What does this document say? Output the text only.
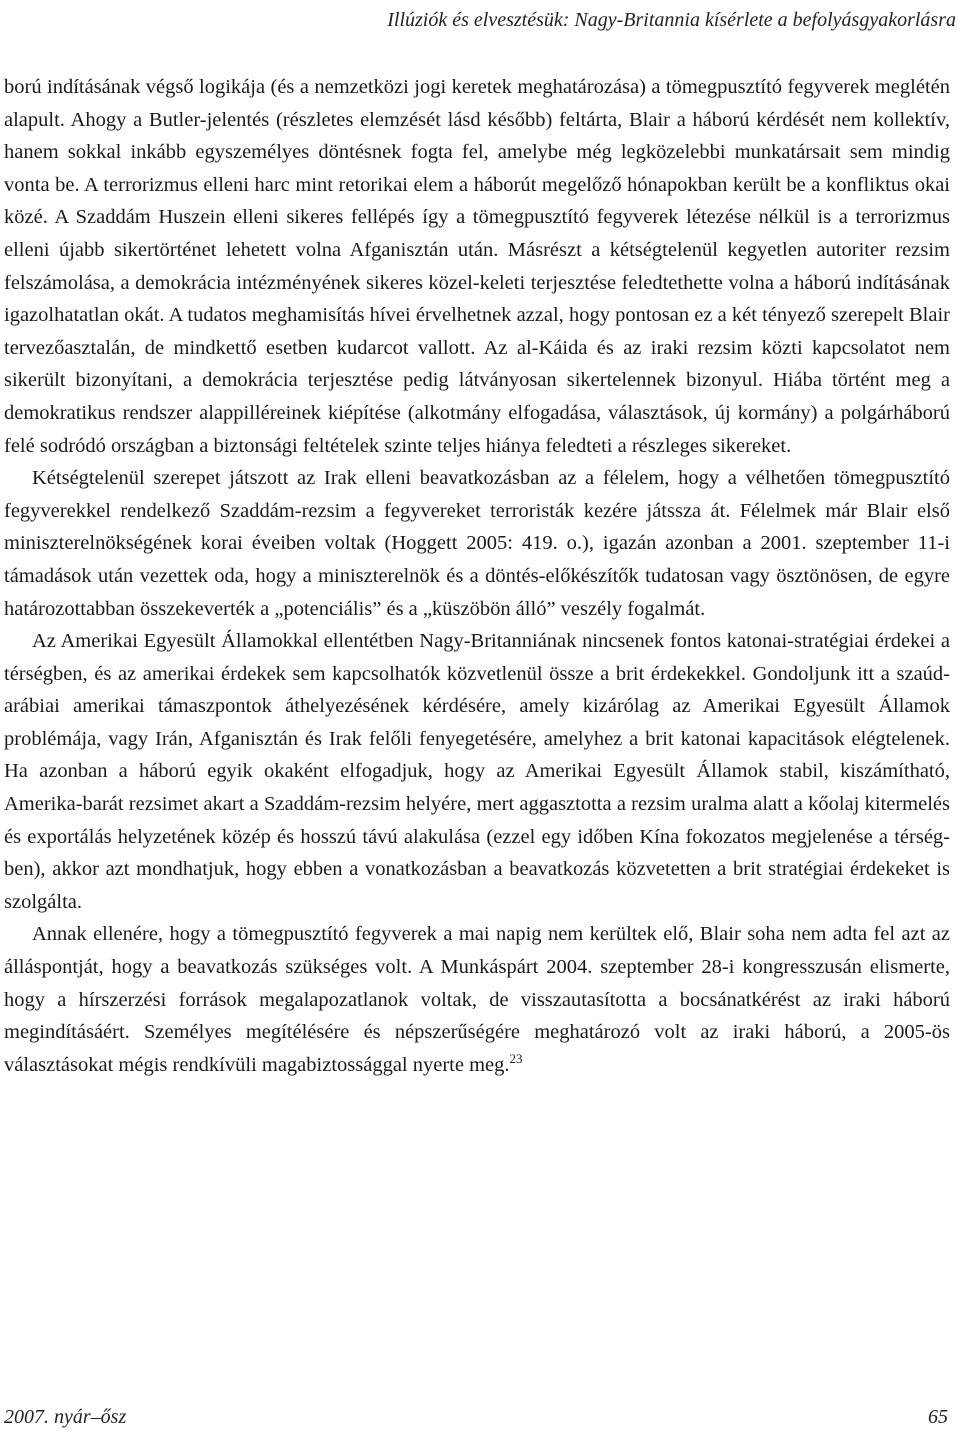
Illúziók és elvesztésük: Nagy-Britannia kísérlete a befolyásgyakorlásra

ború indításának végső logikája (és a nemzetközi jogi keretek meghatározása) a tömegpusztító fegyverek meglétén alapult. Ahogy a Butler-jelentés (részletes elemzését lásd később) feltárta, Blair a háború kérdését nem kollektív, hanem sokkal inkább egyszemélyes döntésnek fogta fel, amelybe még legközelebbi munkatársait sem mindig vonta be. A terrorizmus elleni harc mint retorikai elem a háborút megelőző hónapokban került be a konfliktus okai közé. A Szaddám Huszein elleni sikeres fellépés így a tömegpusztító fegyverek létezése nélkül is a terrorizmus elleni újabb sikertörténet lehetett volna Afganisztán után. Másrészt a kétségtelenül kegyetlen autoriter rezsim felszámolása, a demokrácia intézményének sikeres közel-keleti terjesztése feledtethette volna a háború indításának igazolhatatlan okát. A tudatos meghamisítás hívei érvelhetnek azzal, hogy pontosan ez a két tényező szerepelt Blair tervezőasztalán, de mindkettő esetben kudarcot vallott. Az al-Káida és az iraki rezsim közti kapcsolatot nem sikerült bizonyítani, a demokrácia terjesztése pedig látványosan sikertelennek bizonyul. Hiába történt meg a demokratikus rendszer alappilléreinek kiépítése (alkotmány elfogadása, választások, új kormány) a polgárháború felé sodródó országban a biztonsági feltételek szinte teljes hiánya feledteti a részleges sikereket.

Kétségtelenül szerepet játszott az Irak elleni beavatkozásban az a félelem, hogy a vélhetően tömegpusztító fegyverekkel rendelkező Szaddám-rezsim a fegyvereket terroristák kezére játssza át. Félelmek már Blair első miniszterelnökségének korai éveiben voltak (Hoggett 2005: 419. o.), igazán azonban a 2001. szeptember 11-i támadások után vezettek oda, hogy a miniszterelnök és a döntés-előkészítők tudatosan vagy ösztönösen, de egyre határozottabban összekeverték a „potenciális” és a „küszöbön álló” veszély fogalmát.

Az Amerikai Egyesült Államokkal ellentétben Nagy-Britanniának nincsenek fontos katonai-stratégiai érdekei a térségben, és az amerikai érdekek sem kapcsolhatók közvetlenül össze a brit érdekekkel. Gondoljunk itt a szaúd-arábiai amerikai támaszpontok áthelyezésének kérdésére, amely kizárólag az Amerikai Egyesült Államok problémája, vagy Irán, Afganisztán és Irak felőli fenyegetésére, amelyhez a brit katonai kapacitások elégtelenek. Ha azonban a háború egyik okaként elfogadjuk, hogy az Amerikai Egyesült Államok stabil, kiszámítható, Amerika-barát rezsimet akart a Szaddám-rezsim helyére, mert aggasztotta a rezsim uralma alatt a kőolaj kitermelés és exportálás helyzetének közép és hosszú távú alakulása (ezzel egy időben Kína fokozatos megjelenése a térségben), akkor azt mondhatjuk, hogy ebben a vonatkozásban a beavatkozás közvetetten a brit stratégiai érdekeket is szolgálta.

Annak ellenére, hogy a tömegpusztító fegyverek a mai napig nem kerültek elő, Blair soha nem adta fel azt az álláspontját, hogy a beavatkozás szükséges volt. A Munkáspárt 2004. szeptember 28-i kongresszusán elismerte, hogy a hírszerzési források megalapozatlanok voltak, de visszautasította a bocsánatkérést az iraki háború megindításáért. Személyes megítélésére és népszerűségére meghatározó volt az iraki háború, a 2005-ös választásokat mégis rendkívüli magabiztossággal nyerte meg.$^{23}$

2007. nyár–ősz	65
